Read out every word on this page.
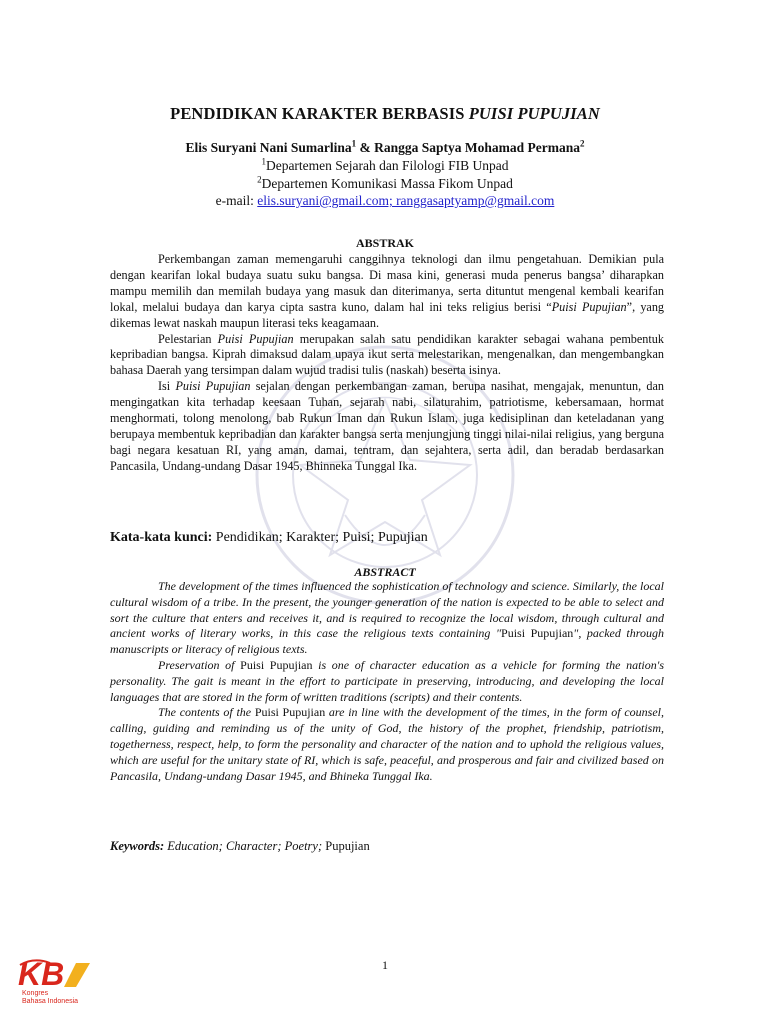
PENDIDIKAN KARAKTER BERBASIS PUISI PUPUJIAN
Elis Suryani Nani Sumarlina$^1$ & Rangga Saptya Mohamad Permana$^2$
$^1$Departemen Sejarah dan Filologi FIB Unpad
$^2$Departemen Komunikasi Massa Fikom Unpad
e-mail: elis.suryani@gmail.com; ranggasaptyamp@gmail.com
ABSTRAK

Perkembangan zaman memengaruhi canggihnya teknologi dan ilmu pengetahuan. Demikian pula dengan kearifan lokal budaya suatu suku bangsa. Di masa kini, generasi muda penerus bangsa’ diharapkan mampu memilih dan memilah budaya yang masuk dan diterimanya, serta dituntut mengenal kembali kearifan lokal, melalui budaya dan karya cipta sastra kuno, dalam hal ini teks religius berisi “Puisi Pupujian”, yang dikemas lewat naskah maupun literasi teks keagamaan.

Pelestarian Puisi Pupujian merupakan salah satu pendidikan karakter sebagai wahana pembentuk kepribadian bangsa. Kiprah dimaksud dalam upaya ikut serta melestarikan, mengenalkan, dan mengembangkan bahasa Daerah yang tersimpan dalam wujud tradisi tulis (naskah) beserta isinya.

Isi Puisi Pupujian sejalan dengan perkembangan zaman, berupa nasihat, mengajak, menuntun, dan mengingatkan kita terhadap keesaan Tuhan, sejarah nabi, silaturahim, patriotisme, kebersamaan, hormat menghormati, tolong menolong, bab Rukun Iman dan Rukun Islam, juga kedisiplinan dan keteladanan yang berupaya membentuk kepribadian dan karakter bangsa serta menjungjung tinggi nilai-nilai religius, yang berguna bagi negara kesatuan RI, yang aman, damai, tentram, dan sejahtera, serta adil, dan beradab berdasarkan Pancasila, Undang-undang Dasar 1945, Bhinneka Tunggal Ika.

Kata-kata kunci: Pendidikan; Karakter; Puisi; Pupujian
ABSTRACT

The development of the times influenced the sophistication of technology and science. Similarly, the local cultural wisdom of a tribe. In the present, the younger generation of the nation is expected to be able to select and sort the culture that enters and receives it, and is required to recognize the local wisdom, through cultural and ancient works of literary works, in this case the religious texts containing "Puisi Pupujian", packed through manuscripts or literacy of religious texts.

Preservation of Puisi Pupujian is one of character education as a vehicle for forming the nation's personality. The gait is meant in the effort to participate in preserving, introducing, and developing the local languages that are stored in the form of written traditions (scripts) and their contents.

The contents of the Puisi Pupujian are in line with the development of the times, in the form of counsel, calling, guiding and reminding us of the unity of God, the history of the prophet, friendship, patriotism, togetherness, respect, help, to form the personality and character of the nation and to uphold the religious values, which are useful for the unitary state of RI, which is safe, peaceful, and prosperous and fair and civilized based on Pancasila, Undang-undang Dasar 1945, and Bhineka Tunggal Ika.

Keywords: Education; Character; Poetry; Pupujian
1
KB
Kongres
Bahasa Indonesia
